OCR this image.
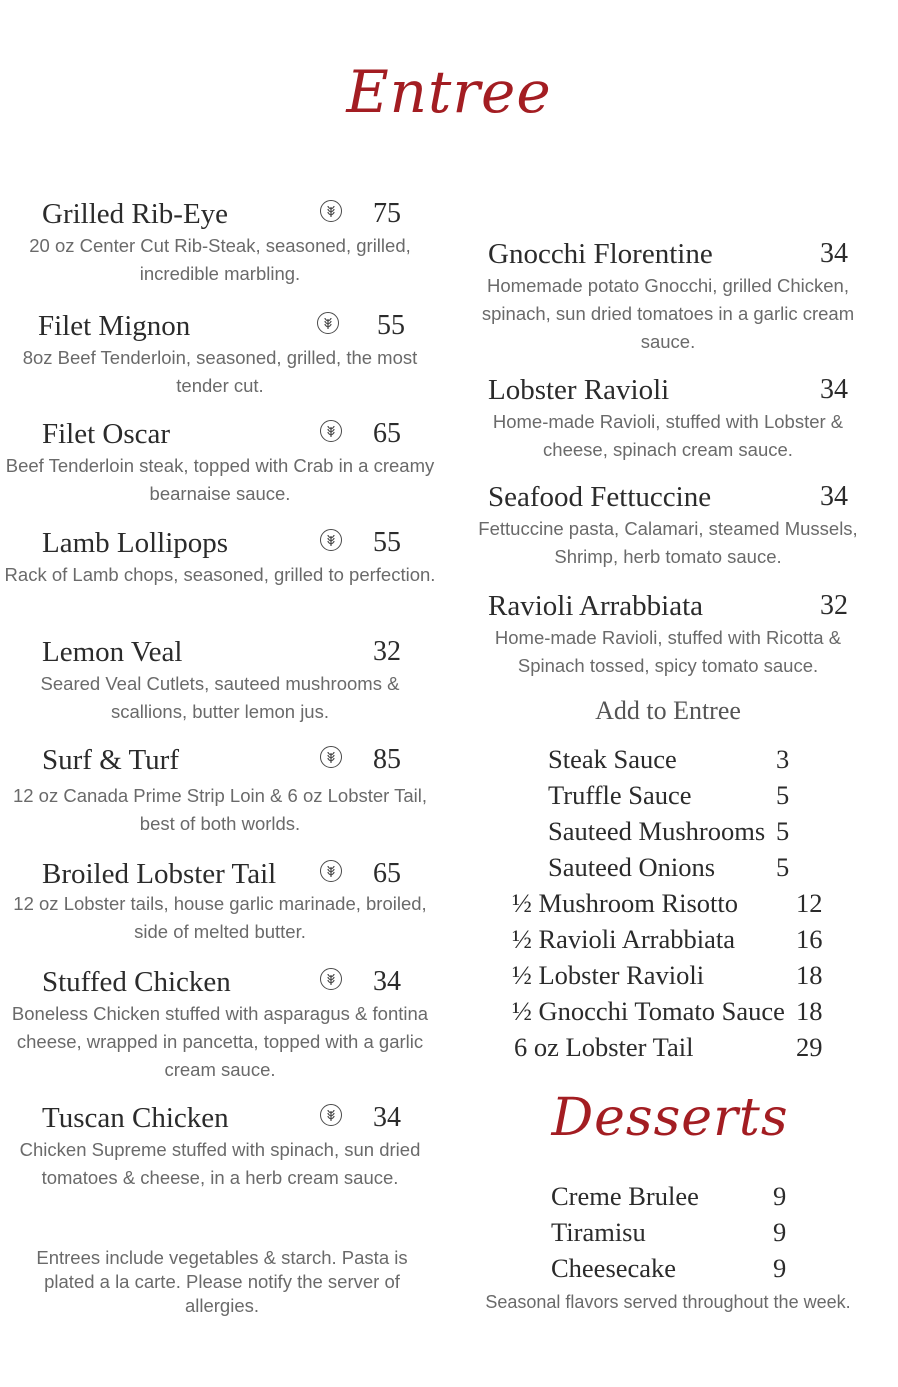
Entree
Grilled Rib-Eye	75
20 oz Center Cut Rib-Steak, seasoned, grilled, incredible marbling.
Filet Mignon	55
8oz Beef Tenderloin, seasoned, grilled, the most tender cut.
Filet Oscar	65
Beef Tenderloin steak, topped with Crab in a creamy bearnaise sauce.
Lamb Lollipops	55
Rack of Lamb chops, seasoned, grilled to perfection.
Lemon Veal	32
Seared Veal Cutlets, sauteed mushrooms & scallions, butter lemon jus.
Surf & Turf	85
12 oz Canada Prime Strip Loin & 6 oz Lobster Tail, best of both worlds.
Broiled Lobster Tail	65
12 oz Lobster tails, house garlic marinade, broiled, side of melted butter.
Stuffed Chicken	34
Boneless Chicken stuffed with asparagus & fontina cheese, wrapped in pancetta, topped with a garlic cream sauce.
Tuscan Chicken	34
Chicken Supreme stuffed with spinach, sun dried tomatoes & cheese, in a herb cream sauce.
Entrees include vegetables & starch. Pasta is plated a la carte. Please notify the server of allergies.
Gnocchi Florentine	34
Homemade potato Gnocchi, grilled Chicken, spinach, sun dried tomatoes in a garlic cream sauce.
Lobster Ravioli	34
Home-made Ravioli, stuffed with Lobster & cheese, spinach cream sauce.
Seafood Fettuccine	34
Fettuccine pasta, Calamari, steamed Mussels, Shrimp, herb tomato sauce.
Ravioli Arrabbiata	32
Home-made Ravioli, stuffed with Ricotta & Spinach tossed, spicy tomato sauce.
Add to Entree
Steak Sauce	3
Truffle Sauce	5
Sauteed Mushrooms 5
Sauteed Onions 5
½ Mushroom Risotto 12
½ Ravioli Arrabbiata 16
½ Lobster Ravioli	18
½ Gnocchi Tomato Sauce 18
6 oz Lobster Tail	29
Desserts
Creme Brulee	9
Tiramisu	9
Cheesecake	9
Seasonal flavors served throughout the week.
